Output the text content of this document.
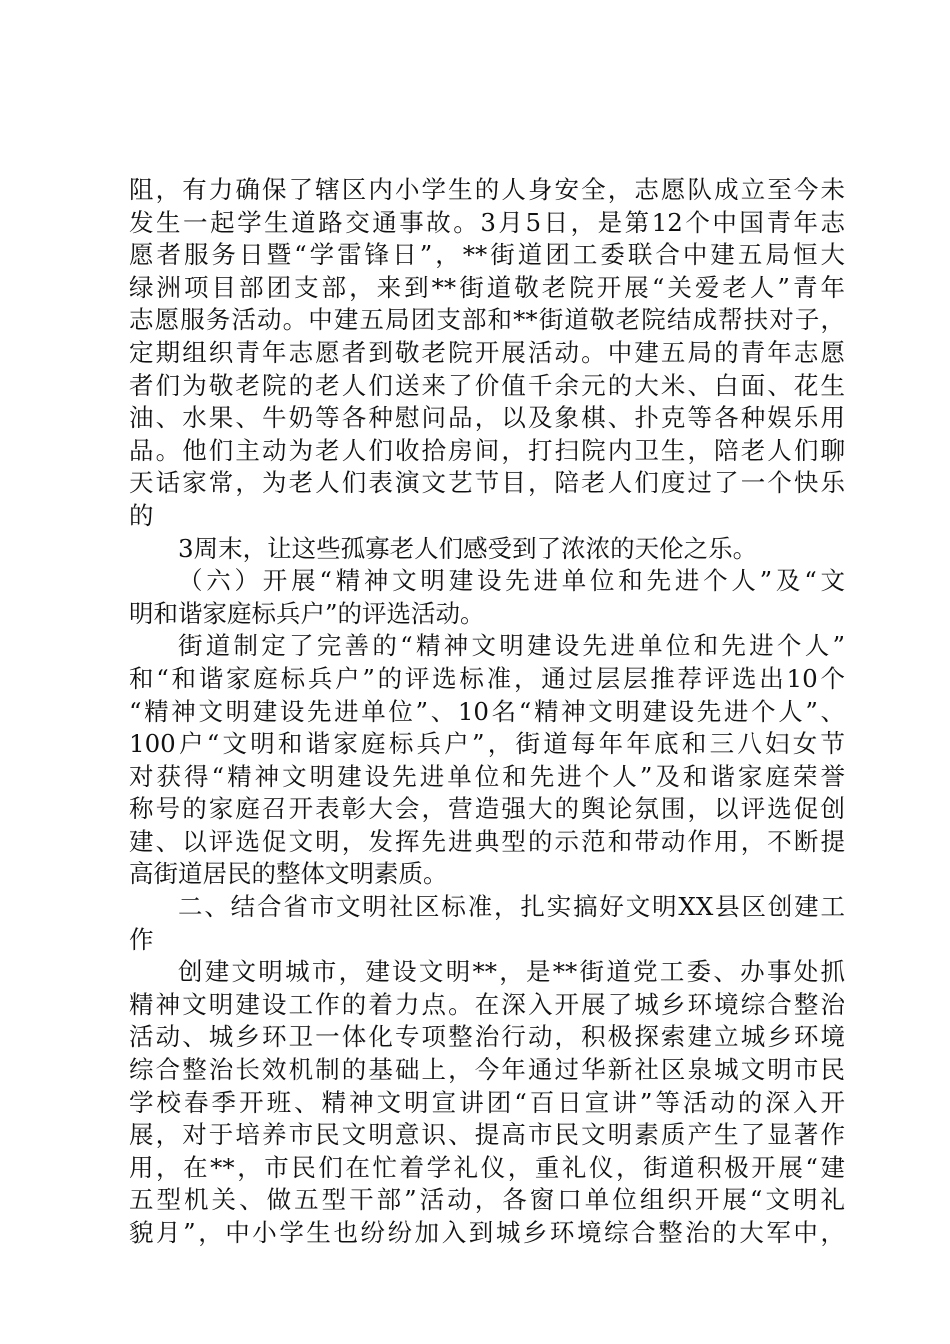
阻，有力确保了辖区内小学生的人身安全，志愿队成立至今未
发生一起学生道路交通事故。3月5日，是第12个中国青年志
愿者服务日暨“学雷锋日”，**街道团工委联合中建五局恒大
绿洲项目部团支部，来到**街道敬老院开展“关爱老人”青年
志愿服务活动。中建五局团支部和**街道敬老院结成帮扶对子，
定期组织青年志愿者到敬老院开展活动。中建五局的青年志愿
者们为敬老院的老人们送来了价值千余元的大米、白面、花生
油、水果、牛奶等各种慰问品，以及象棋、扑克等各种娱乐用
品。他们主动为老人们收拾房间，打扫院内卫生，陪老人们聊
天话家常，为老人们表演文艺节目，陪老人们度过了一个快乐
的
3周末，让这些孤寡老人们感受到了浓浓的天伦之乐。
（六）开展“精神文明建设先进单位和先进个人”及“文
明和谐家庭标兵户”的评选活动。
街道制定了完善的“精神文明建设先进单位和先进个人”
和“和谐家庭标兵户”的评选标准，通过层层推荐评选出10个
“精神文明建设先进单位”、10名“精神文明建设先进个人”、
100户“文明和谐家庭标兵户”，街道每年年底和三八妇女节
对获得“精神文明建设先进单位和先进个人”及和谐家庭荣誉
称号的家庭召开表彰大会，营造强大的舆论氛围，以评选促创
建、以评选促文明，发挥先进典型的示范和带动作用，不断提
高街道居民的整体文明素质。
二、结合省市文明社区标准，扎实搞好文明XX县区创建工
作
创建文明城市，建设文明**，是**街道党工委、办事处抓
精神文明建设工作的着力点。在深入开展了城乡环境综合整治
活动、城乡环卫一体化专项整治行动，积极探索建立城乡环境
综合整治长效机制的基础上，今年通过华新社区泉城文明市民
学校春季开班、精神文明宣讲团“百日宣讲”等活动的深入开
展，对于培养市民文明意识、提高市民文明素质产生了显著作
用，在**，市民们在忙着学礼仪，重礼仪，街道积极开展“建
五型机关、做五型干部”活动，各窗口单位组织开展“文明礼
貌月”，中小学生也纷纷加入到城乡环境综合整治的大军中，
